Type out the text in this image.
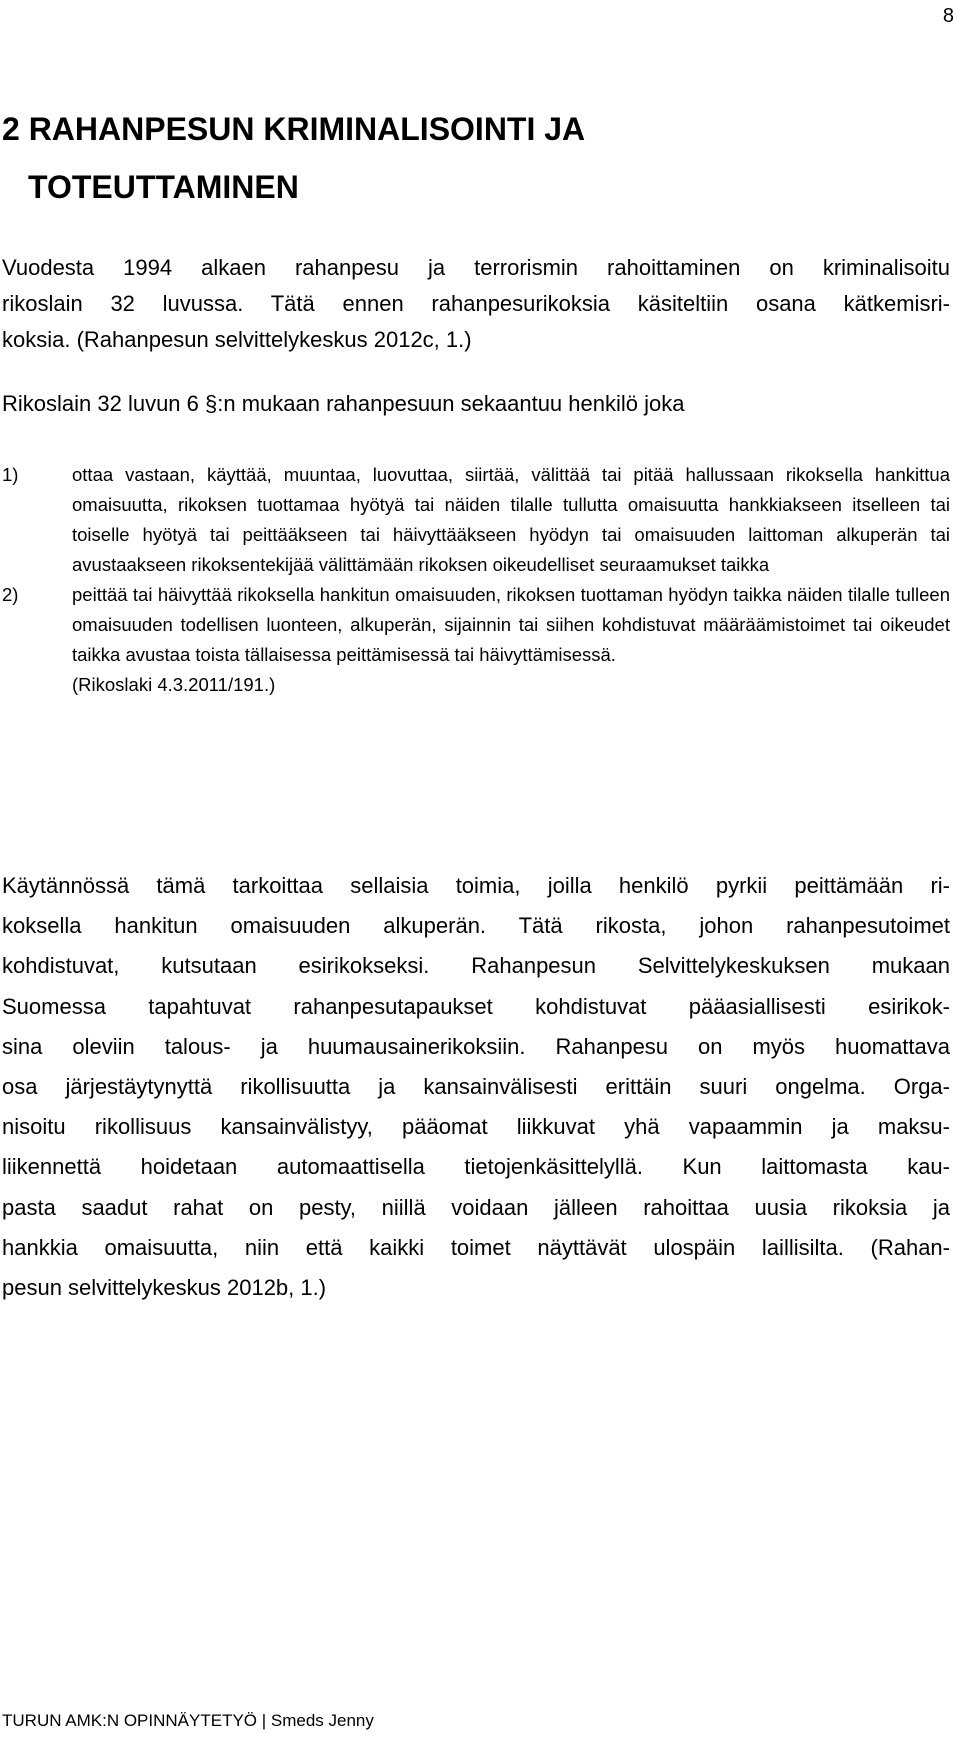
8
2 RAHANPESUN KRIMINALISOINTI JA
TOTEUTTAMINEN

Vuodesta 1994 alkaen rahanpesu ja terrorismin rahoittaminen on kriminalisoitu
rikoslain 32 luvussa. Tätä ennen rahanpesurikoksia käsiteltiin osana kätkemisri-
koksia. (Rahanpesun selvittelykeskus 2012c, 1.)

Rikoslain 32 luvun 6 §:n mukaan rahanpesuun sekaantuu henkilö joka

1)	ottaa vastaan, käyttää, muuntaa, luovuttaa, siirtää, välittää tai pitää hallussaan rikoksella hankittua omaisuutta, rikoksen tuottamaa hyötyä tai näiden tilalle tullutta omaisuutta hankkiakseen itselleen tai toiselle hyötyä tai peittääkseen tai häivyttääkseen hyödyn tai omaisuuden laittoman alkuperän tai avustaakseen rikoksentekijää välittämään rikoksen oikeudelliset seuraamukset taikka
2)	peittää tai häivyttää rikoksella hankitun omaisuuden, rikoksen tuottaman hyödyn taikka näiden tilalle tulleen omaisuuden todellisen luonteen, alkuperän, sijainnin tai siihen kohdistuvat määräämistoimet tai oikeudet taikka avustaa toista tällaisessa peittämisessä tai häivyttämisessä.
(Rikoslaki 4.3.2011/191.)

Käytännössä tämä tarkoittaa sellaisia toimia, joilla henkilö pyrkii peittämään ri-
koksella hankitun omaisuuden alkuperän. Tätä rikosta, johon rahanpesutoimet
kohdistuvat, kutsutaan esirikokseksi. Rahanpesun Selvittelykeskuksen mukaan
Suomessa tapahtuvat rahanpesutapaukset kohdistuvat pääasiallisesti esirikok-
sina oleviin talous- ja huumausainerikoksiin. Rahanpesu on myös huomattava
osa järjestäytynyttä rikollisuutta ja kansainvälisesti erittäin suuri ongelma. Orga-
nisoitu rikollisuus kansainvälistyy, pääomat liikkuvat yhä vapaammin ja maksu-
liikennettä hoidetaan automaattisella tietojenkäsittelyllä. Kun laittomasta kau-
pasta saadut rahat on pesty, niillä voidaan jälleen rahoittaa uusia rikoksia ja
hankkia omaisuutta, niin että kaikki toimet näyttävät ulospäin laillisilta. (Rahan-
pesun selvittelykeskus 2012b, 1.)

TURUN AMK:N OPINNÄYTETYÖ | Smeds Jenny
